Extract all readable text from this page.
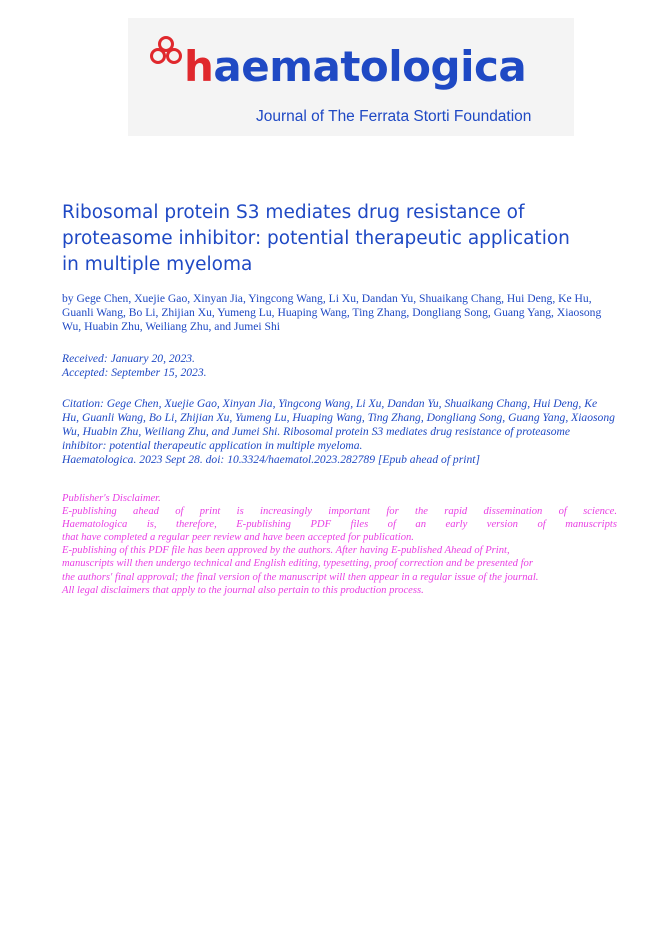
haematologica
Journal of The Ferrata Storti Foundation
Ribosomal protein S3 mediates drug resistance of proteasome inhibitor: potential therapeutic application in multiple myeloma
by Gege Chen, Xuejie Gao, Xinyan Jia, Yingcong Wang, Li Xu, Dandan Yu, Shuaikang Chang, Hui Deng, Ke Hu, Guanli Wang, Bo Li, Zhijian Xu, Yumeng Lu, Huaping Wang, Ting Zhang, Dongliang Song, Guang Yang, Xiaosong Wu, Huabin Zhu, Weiliang Zhu, and Jumei Shi
Received: January 20, 2023.
Accepted: September 15, 2023.
Citation: Gege Chen, Xuejie Gao, Xinyan Jia, Yingcong Wang, Li Xu, Dandan Yu, Shuaikang Chang, Hui Deng, Ke Hu, Guanli Wang, Bo Li, Zhijian Xu, Yumeng Lu, Huaping Wang, Ting Zhang, Dongliang Song, Guang Yang, Xiaosong Wu, Huabin Zhu, Weiliang Zhu, and Jumei Shi. Ribosomal protein S3 mediates drug resistance of proteasome inhibitor: potential therapeutic application in multiple myeloma.
Haematologica. 2023 Sept 28. doi: 10.3324/haematol.2023.282789 [Epub ahead of print]
Publisher's Disclaimer.
E-publishing ahead of print is increasingly important for the rapid dissemination of science.
Haematologica is, therefore, E-publishing PDF files of an early version of manuscripts
that have completed a regular peer review and have been accepted for publication.
E-publishing of this PDF file has been approved by the authors. After having E-published Ahead of Print,
manuscripts will then undergo technical and English editing, typesetting, proof correction and be presented for
the authors' final approval; the final version of the manuscript will then appear in a regular issue of the journal.
All legal disclaimers that apply to the journal also pertain to this production process.
